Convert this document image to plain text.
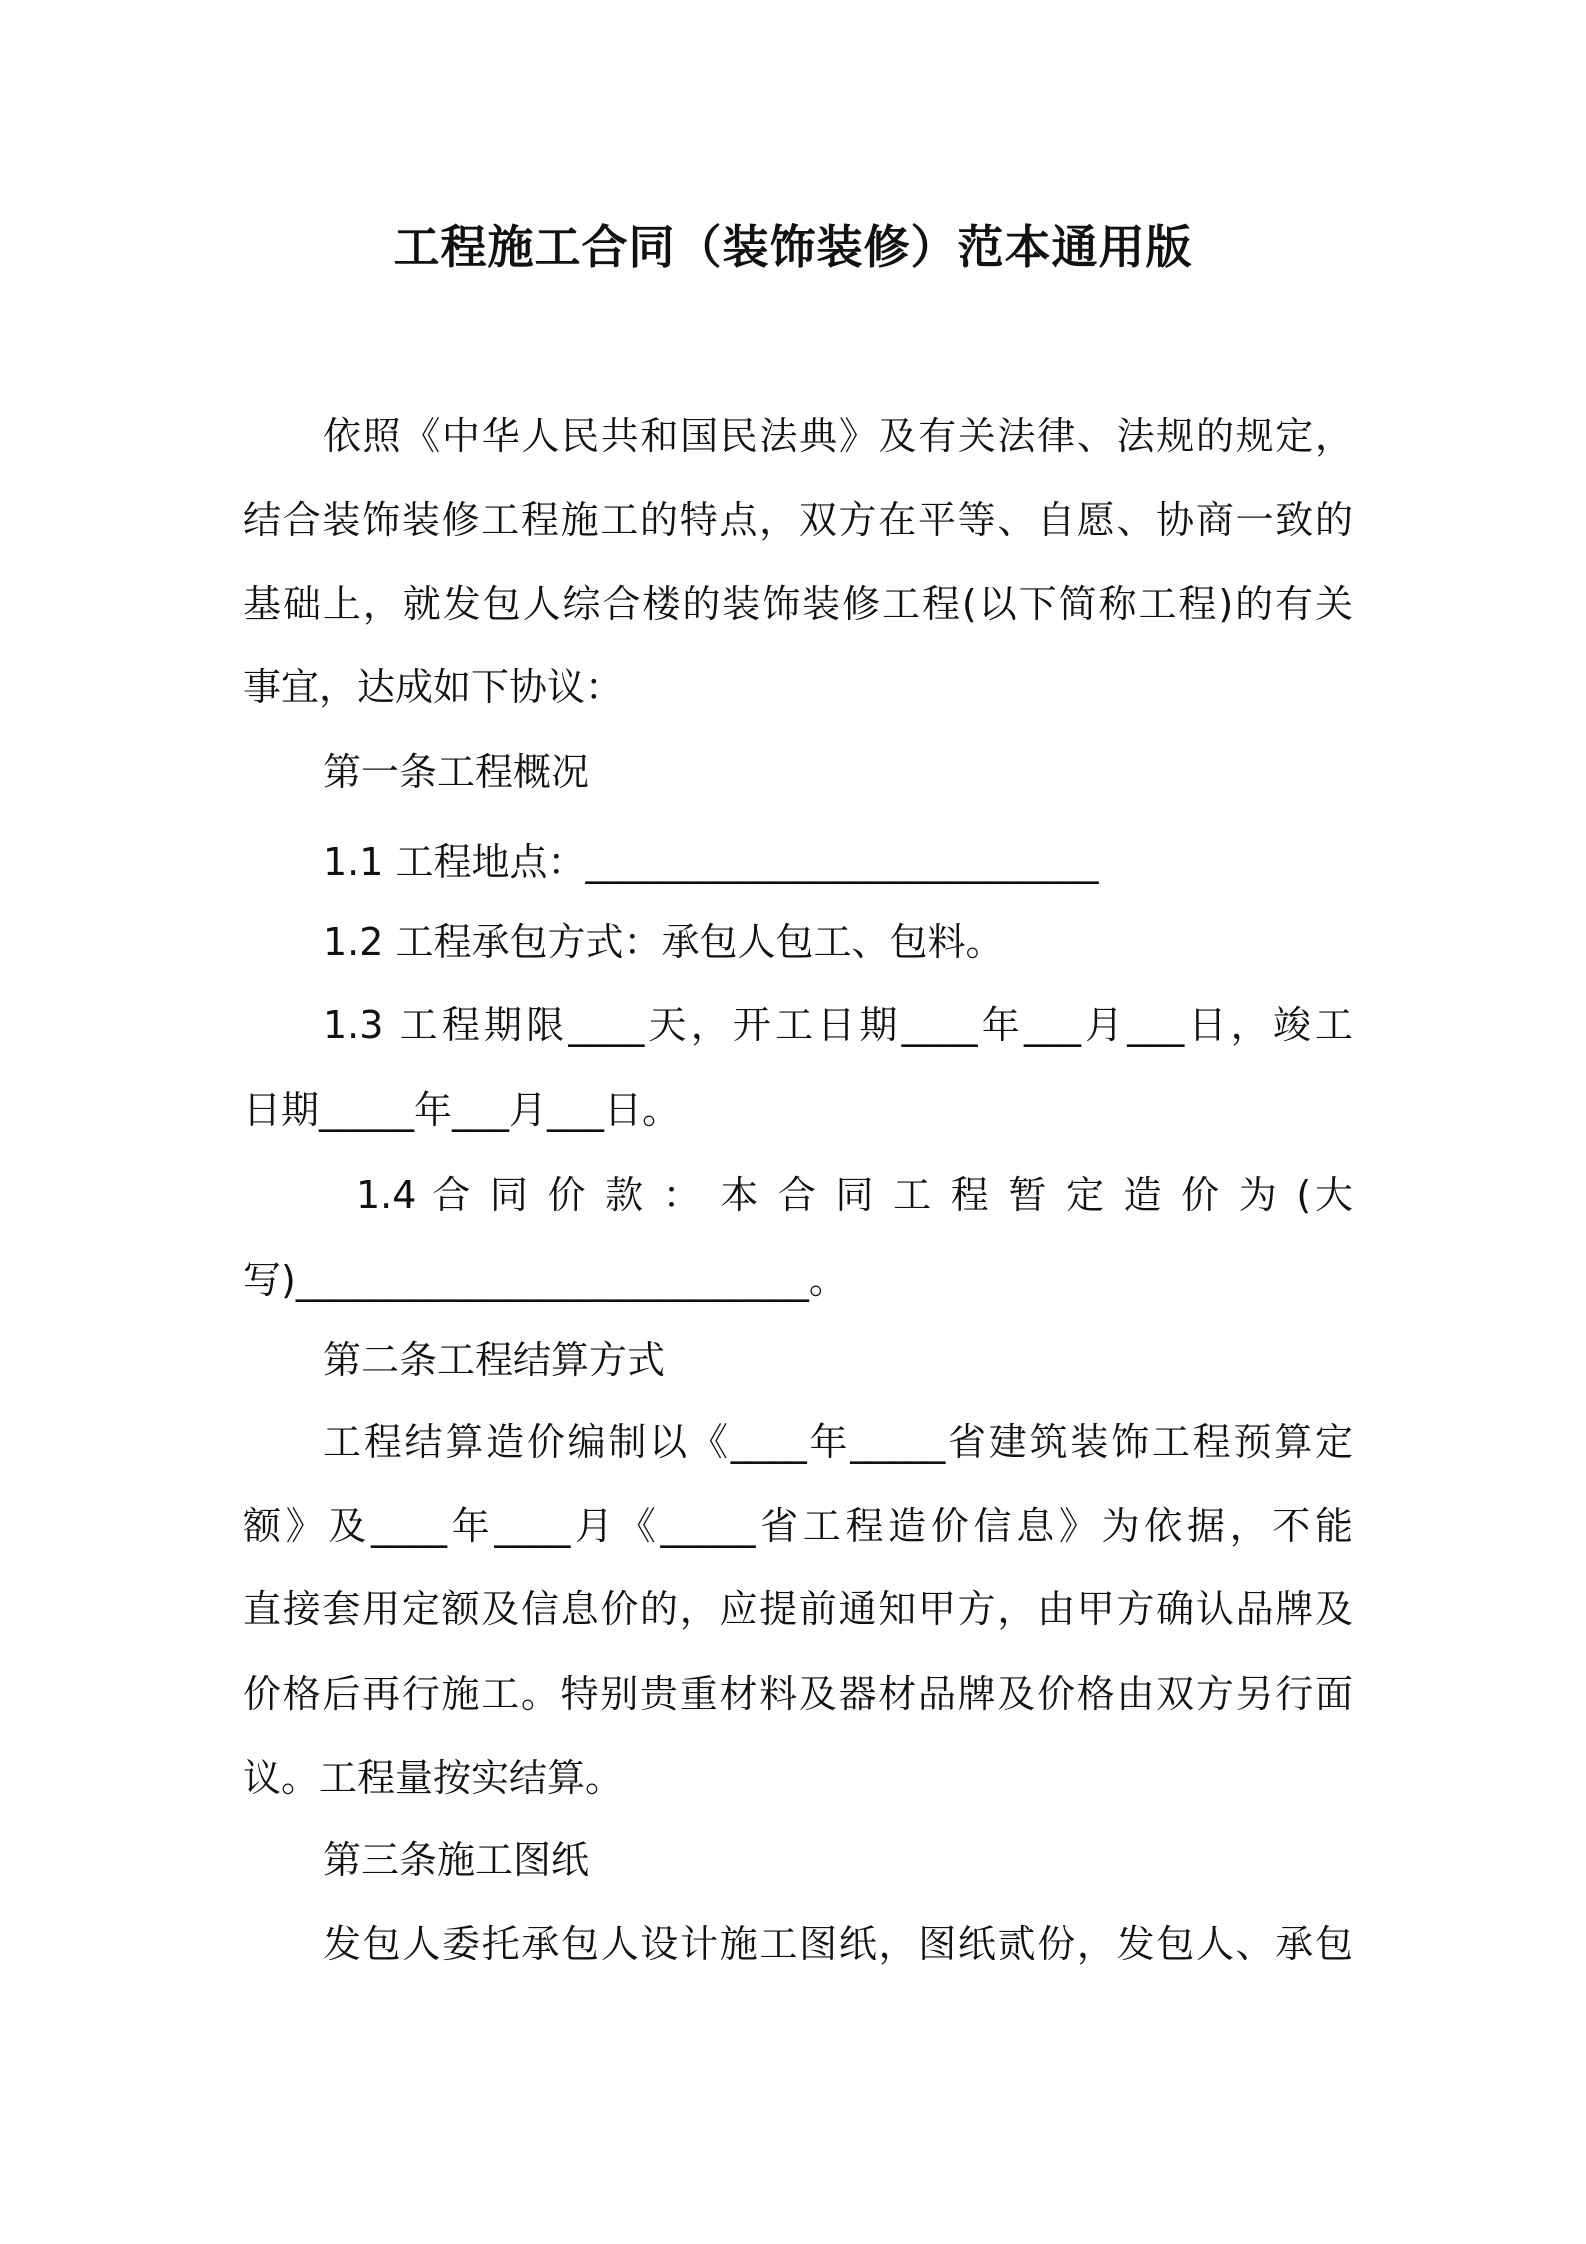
工程施工合同（装饰装修）范本通用版
依照《中华人民共和国民法典》及有关法律、法规的规定，
结合装饰装修工程施工的特点，双方在平等、自愿、协商一致的
基础上，就发包人综合楼的装饰装修工程(以下简称工程)的有关
事宜，达成如下协议：
第一条工程概况
1.1 工程地点：___________________________
1.2 工程承包方式：承包人包工、包料。
1.3 工程期限____天，开工日期____年___月___日，竣工
日期_____年___月___日。
1.4 合 同 价 款 ： 本 合 同 工 程 暂 定 造 价 为 (大
写)___________________________。
第二条工程结算方式
工程结算造价编制以《____年_____省建筑装饰工程预算定
额》及____年____月《_____省工程造价信息》为依据，不能
直接套用定额及信息价的，应提前通知甲方，由甲方确认品牌及
价格后再行施工。特别贵重材料及器材品牌及价格由双方另行面
议。工程量按实结算。
第三条施工图纸
发包人委托承包人设计施工图纸，图纸贰份，发包人、承包
